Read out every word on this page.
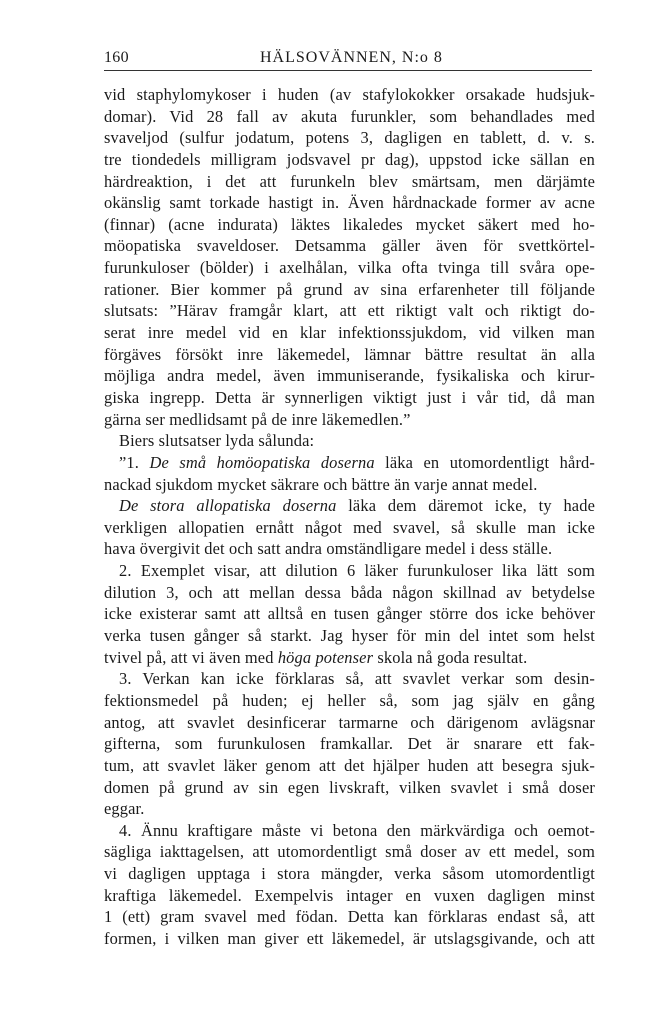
160	HÄLSOVÄNNEN, N:o 8
vid staphylomykoser i huden (av stafylokokker orsakade hudsjuk-
domar). Vid 28 fall av akuta furunkler, som behandlades med
svaveljod (sulfur jodatum, potens 3, dagligen en tablett, d. v. s.
tre tiondedels milligram jodsvavel pr dag), uppstod icke sällan en
härdreaktion, i det att furunkeln blev smärtsam, men därjämte
okänslig samt torkade hastigt in. Även hårdnackade former av acne
(finnar) (acne indurata) läktes likaledes mycket säkert med ho-
möopatiska svaveldoser. Detsamma gäller även för svettkörtel-
furunkuloser (bölder) i axelhålan, vilka ofta tvinga till svåra ope-
rationer. Bier kommer på grund av sina erfarenheter till följande
slutsats: ”Härav framgår klart, att ett riktigt valt och riktigt do-
serat inre medel vid en klar infektionssjukdom, vid vilken man
förgäves försökt inre läkemedel, lämnar bättre resultat än alla
möjliga andra medel, även immuniserande, fysikaliska och kirur-
giska ingrepp. Detta är synnerligen viktigt just i vår tid, då man
gärna ser medlidsamt på de inre läkemedlen.”
Biers slutsatser lyda sålunda:
”1. De små homöopatiska doserna läka en utomordentligt hård-
nackad sjukdom mycket säkrare och bättre än varje annat medel.
De stora allopatiska doserna läka dem däremot icke, ty hade
verkligen allopatien ernått något med svavel, så skulle man icke
hava övergivit det och satt andra omständligare medel i dess ställe.
2. Exemplet visar, att dilution 6 läker furunkuloser lika lätt som
dilution 3, och att mellan dessa båda någon skillnad av betydelse
icke existerar samt att alltså en tusen gånger större dos icke behöver
verka tusen gånger så starkt. Jag hyser för min del intet som helst
tvivel på, att vi även med höga potenser skola nå goda resultat.
3. Verkan kan icke förklaras så, att svavlet verkar som desin-
fektionsmedel på huden; ej heller så, som jag själv en gång
antog, att svavlet desinficerar tarmarne och därigenom avlägsnar
gifterna, som furunkulosen framkallar. Det är snarare ett fak-
tum, att svavlet läker genom att det hjälper huden att besegra sjuk-
domen på grund av sin egen livskraft, vilken svavlet i små doser
eggar.
4. Ännu kraftigare måste vi betona den märkvärdiga och oemot-
sägliga iakttagelsen, att utomordentligt små doser av ett medel, som
vi dagligen upptaga i stora mängder, verka såsom utomordentligt
kraftiga läkemedel. Exempelvis intager en vuxen dagligen minst
1 (ett) gram svavel med födan. Detta kan förklaras endast så, att
formen, i vilken man giver ett läkemedel, är utslagsgivande, och att
